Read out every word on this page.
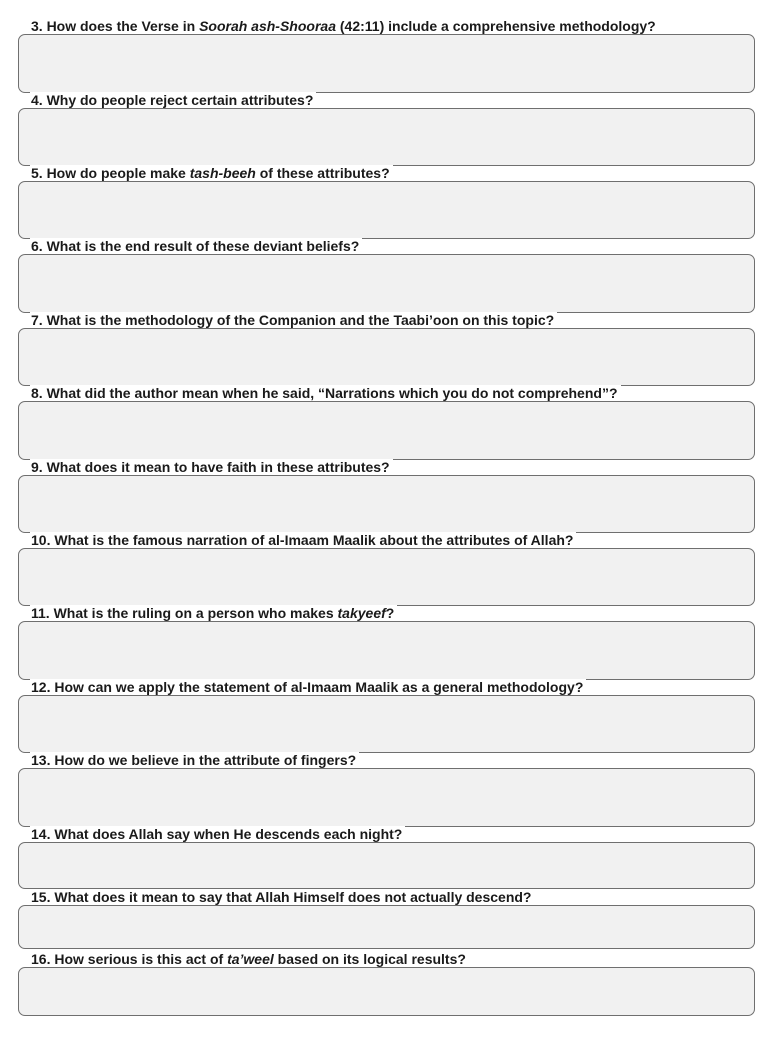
3. How does the Verse in Soorah ash-Shooraa (42:11) include a comprehensive methodology?
4. Why do people reject certain attributes?
5. How do people make tash-beeh of these attributes?
6. What is the end result of these deviant beliefs?
7. What is the methodology of the Companion and the Taabi’oon on this topic?
8. What did the author mean when he said, “Narrations which you do not comprehend”?
9. What does it mean to have faith in these attributes?
10. What is the famous narration of al-Imaam Maalik about the attributes of Allah?
11. What is the ruling on a person who makes takyeef?
12. How can we apply the statement of al-Imaam Maalik as a general methodology?
13. How do we believe in the attribute of fingers?
14. What does Allah say when He descends each night?
15. What does it mean to say that Allah Himself does not actually descend?
16. How serious is this act of ta’weel based on its logical results?
